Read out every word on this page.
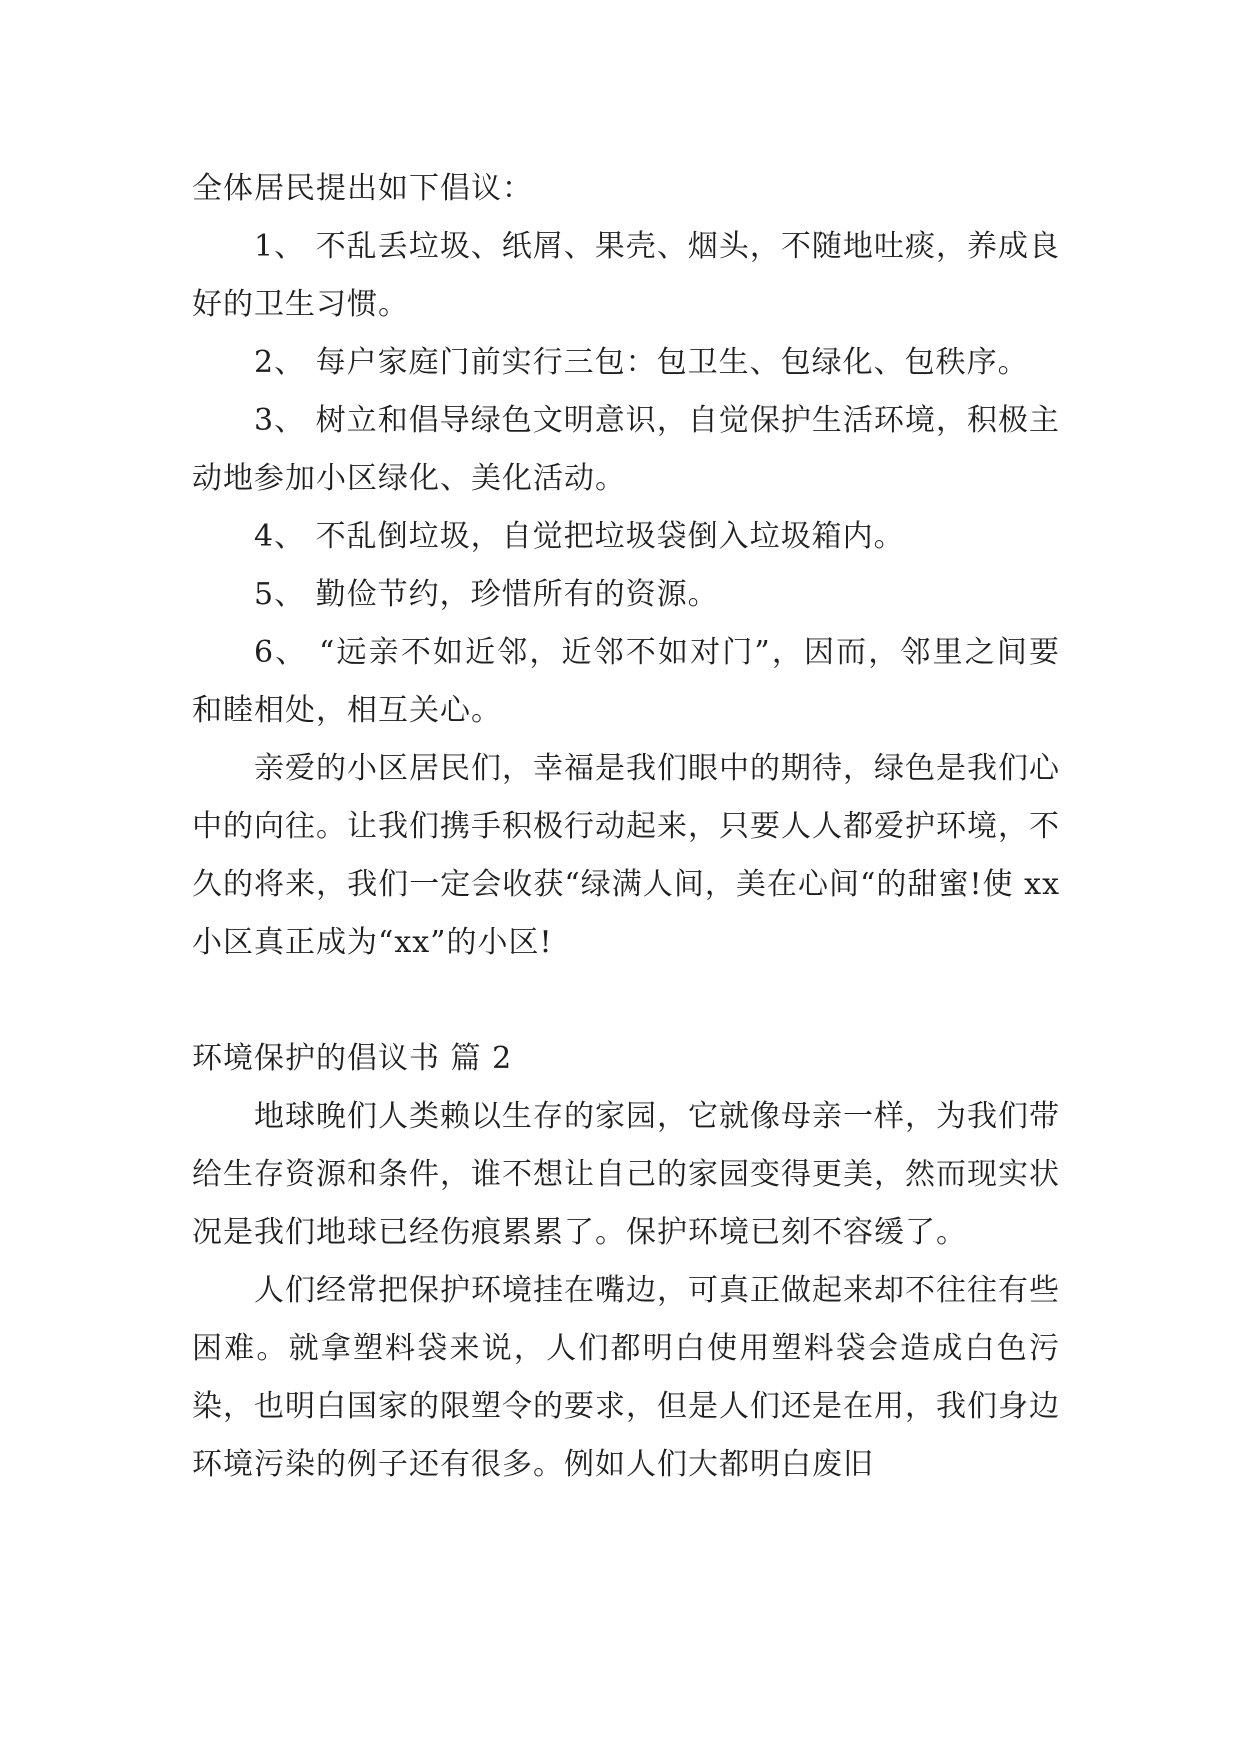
全体居民提出如下倡议：

1、 不乱丢垃圾、纸屑、果壳、烟头，不随地吐痰，养成良好的卫生习惯。

2、 每户家庭门前实行三包：包卫生、包绿化、包秩序。

3、 树立和倡导绿色文明意识，自觉保护生活环境，积极主动地参加小区绿化、美化活动。

4、 不乱倒垃圾，自觉把垃圾袋倒入垃圾箱内。

5、 勤俭节约，珍惜所有的资源。

6、 “远亲不如近邻，近邻不如对门”，因而，邻里之间要和睦相处，相互关心。

亲爱的小区居民们，幸福是我们眼中的期待，绿色是我们心中的向往。让我们携手积极行动起来，只要人人都爱护环境，不久的将来，我们一定会收获“绿满人间，美在心间“的甜蜜!使 xx 小区真正成为“xx”的小区!

环境保护的倡议书 篇 2

地球晚们人类赖以生存的家园，它就像母亲一样，为我们带给生存资源和条件，谁不想让自己的家园变得更美，然而现实状况是我们地球已经伤痕累累了。保护环境已刻不容缓了。

人们经常把保护环境挂在嘴边，可真正做起来却不往往有些困难。就拿塑料袋来说，人们都明白使用塑料袋会造成白色污染，也明白国家的限塑令的要求，但是人们还是在用，我们身边环境污染的例子还有很多。例如人们大都明白废旧
